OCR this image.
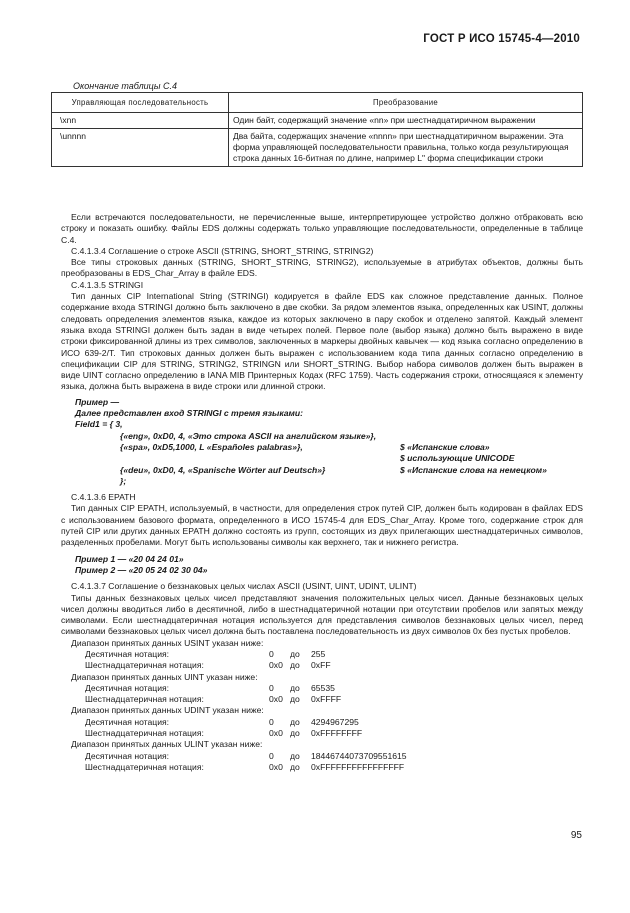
ГОСТ Р ИСО 15745-4—2010
Окончание таблицы С.4
Управляющая последовательность	Преобразование
\xnn	Один байт, содержащий значение «nn» при шестнадцатиричном выражении
\unnnn	Два байта, содержащих значение «nnnn» при шестнадцатиричном выражении. Эта форма управляющей последовательности правильна, только когда результирующая строка данных 16-битная по длине, например L" форма спецификации строки

Если встречаются последовательности, не перечисленные выше, интерпретирующее устройство должно отбраковать всю строку и показать ошибку. Файлы EDS должны содержать только управляющие последовательности, определенные в таблице С.4.

C.4.1.3.4 Соглашение о строке ASCII (STRING, SHORT_STRING, STRING2)

Все типы строковых данных (STRING, SHORT_STRING, STRING2), используемые в атрибутах объектов, должны быть преобразованы в EDS_Char_Array в файле EDS.

C.4.1.3.5 STRINGI

Тип данных CIP International String (STRINGI) кодируется в файле EDS как сложное представление данных. Полное содержание входа STRINGI должно быть заключено в две скобки. За рядом элементов языка, определенных как USINT, должны следовать определения элементов языка, каждое из которых заключено в пару скобок и отделено запятой. Каждый элемент языка входа STRINGI должен быть задан в виде четырех полей. Первое поле (выбор языка) должно быть выражено в виде строки фиксированной длины из трех символов, заключенных в маркеры двойных кавычек — код языка согласно определению в ИСО 639-2/Т. Тип строковых данных должен быть выражен с использованием кода типа данных согласно определению в спецификации CIP для STRING, STRING2, STRINGN или SHORT_STRING. Выбор набора символов должен быть выражен в виде UINT согласно определению в IANA MIB Принтерных Кодах (RFC 1759). Часть содержания строки, относящаяся к элементу языка, должна быть выражена в виде строки или длинной строки.

Пример —
Далее представлен вход STRINGI с тремя языками:
Field1 = { 3,
{«eng», 0xD0, 4, «Это строка ASCII на английском языке»},
{«spa», 0xD5,1000, L «Españoles palabras»},	$ «Испанские слова»
$ использующие UNICODE
{«deu», 0xD0, 4, «Spanische Wörter auf Deutsch»}	$ «Испанские слова на немецком»
};

C.4.1.3.6 EPATH

Тип данных CIP EPATH, используемый, в частности, для определения строк путей CIP, должен быть кодирован в файлах EDS с использованием базового формата, определенного в ИСО 15745-4 для EDS_Char_Array. Кроме того, содержание строк для путей CIP или других данных EPATH должно состоять из групп, состоящих из двух прилегающих шестнадцатеричных символов, разделенных пробелами. Могут быть использованы символы как верхнего, так и нижнего регистра.

Пример 1 — «20 04 24 01»
Пример 2 — «20 05 24 02 30 04»

C.4.1.3.7 Соглашение о беззнаковых целых числах ASCII (USINT, UINT, UDINT, ULINT)

Типы данных беззнаковых целых чисел представляют значения положительных целых чисел. Данные беззнаковых целых чисел должны вводиться либо в десятичной, либо в шестнадцатеричной нотации при отсутствии пробелов или запятых между символами. Если шестнадцатеричная нотация используется для представления символов беззнаковых целых чисел, перед символами беззнаковых целых чисел должна быть поставлена последовательность из двух символов 0x без пустых пробелов.

Диапазон принятых данных USINT указан ниже:
Десятичная нотация:	0 до 255
Шестнадцатеричная нотация:	0x0 до 0xFF
Диапазон принятых данных UINT указан ниже:
Десятичная нотация:	0 до 65535
Шестнадцатеричная нотация:	0x0 до 0xFFFF
Диапазон принятых данных UDINT указан ниже:
Десятичная нотация:	0 до 4294967295
Шестнадцатеричная нотация:	0x0 до 0xFFFFFFFF
Диапазон принятых данных ULINT указан ниже:
Десятичная нотация:	0 до 18446744073709551615
Шестнадцатеричная нотация:	0x0 до 0xFFFFFFFFFFFFFFFF
95
